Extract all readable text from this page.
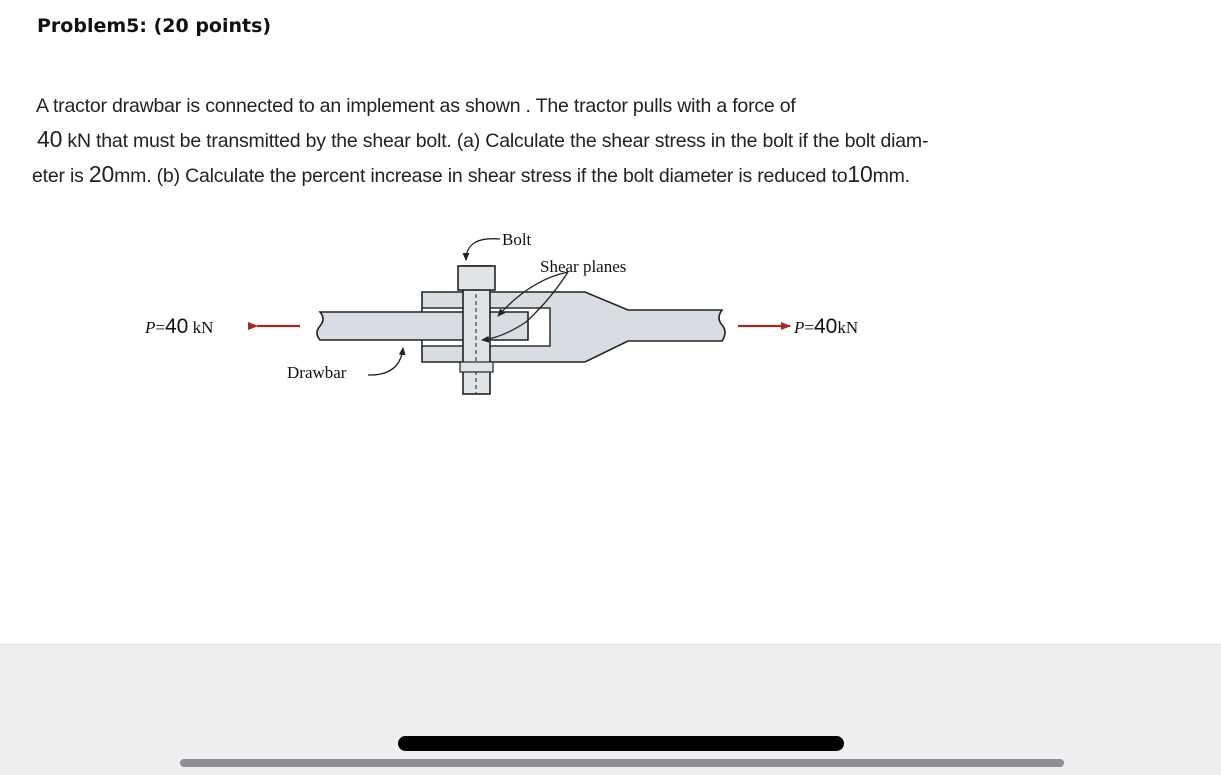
Problem5: (20 points)
A tractor drawbar is connected to an implement as shown . The tractor pulls with a force of
40 kN that must be transmitted by the shear bolt. (a) Calculate the shear stress in the bolt if the bolt diam-
eter is 20mm. (b) Calculate the percent increase in shear stress if the bolt diameter is reduced to10mm.
Bolt
Shear planes
Drawbar
P=40 kN	P=40kN
